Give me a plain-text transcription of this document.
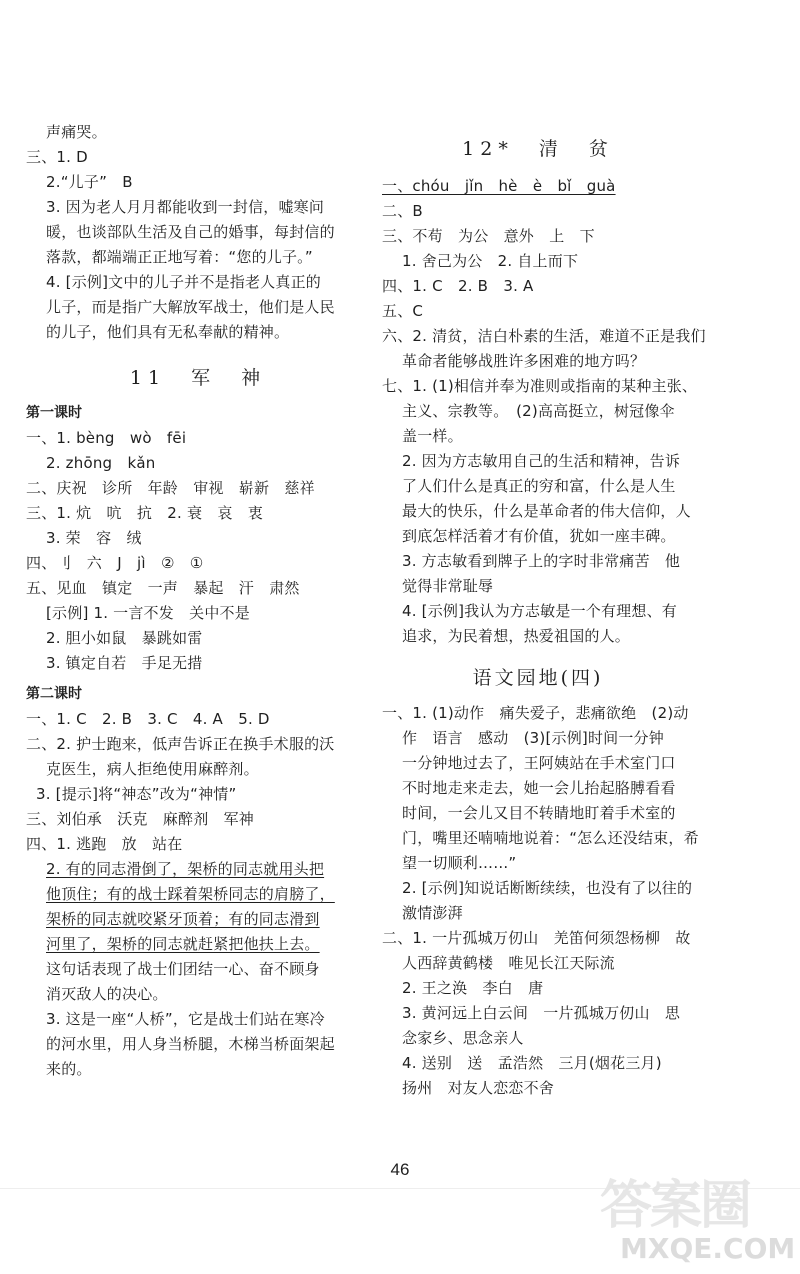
声痛哭。
三、1. D
2.“儿子”　B
3. 因为老人月月都能收到一封信，嘘寒问
暖，也谈部队生活及自己的婚事，每封信的
落款，都端端正正地写着：“您的儿子。”
4. [示例]文中的儿子并不是指老人真正的
儿子，而是指广大解放军战士，他们是人民
的儿子，他们具有无私奉献的精神。
11　军　神
第一课时
一、1. bèng　wò　fēi
2. zhōng　kǎn
二、庆祝　诊所　年龄　审视　崭新　慈祥
三、1. 炕　吭　抗　2. 衰　哀　衷
3. 荣　容　绒
四、刂　六　J　jì　②　①
五、见血　镇定　一声　暴起　汗　肃然
[示例] 1. 一言不发　关中不是
2. 胆小如鼠　暴跳如雷
3. 镇定自若　手足无措
第二课时
一、1. C　2. B　3. C　4. A　5. D
二、2. 护士跑来，低声告诉正在换手术服的沃
克医生，病人拒绝使用麻醉剂。
3. [提示]将“神态”改为“神情”
三、刘伯承　沃克　麻醉剂　军神
四、1. 逃跑　放　站在
2. 有的同志滑倒了，架桥的同志就用头把
他顶住；有的战士踩着架桥同志的肩膀了，
架桥的同志就咬紧牙顶着；有的同志滑到
河里了，架桥的同志就赶紧把他扶上去。
这句话表现了战士们团结一心、奋不顾身
消灭敌人的决心。
3. 这是一座“人桥”，它是战士们站在寒冷
的河水里，用人身当桥腿，木梯当桥面架起
来的。
12*　清　贫
一、chóu　jǐn　hè　è　bǐ　guà
二、B
三、不苟　为公　意外　上　下
1. 舍己为公　2. 自上而下
四、1. C　2. B　3. A
五、C
六、2. 清贫，洁白朴素的生活，难道不正是我们
革命者能够战胜许多困难的地方吗？
七、1. (1)相信并奉为准则或指南的某种主张、
主义、宗教等。　(2)高高挺立，树冠像伞
盖一样。
2. 因为方志敏用自己的生活和精神，告诉
了人们什么是真正的穷和富，什么是人生
最大的快乐，什么是革命者的伟大信仰，人
到底怎样活着才有价值，犹如一座丰碑。
3. 方志敏看到牌子上的字时非常痛苦　他
觉得非常耻辱
4. [示例]我认为方志敏是一个有理想、有
追求，为民着想，热爱祖国的人。
语文园地(四)
一、1. (1)动作　痛失爱子，悲痛欲绝　(2)动
作　语言　感动　(3)[示例]时间一分钟
一分钟地过去了，王阿姨站在手术室门口
不时地走来走去，她一会儿抬起胳膊看看
时间，一会儿又目不转睛地盯着手术室的
门，嘴里还喃喃地说着：“怎么还没结束，希
望一切顺利……”
2. [示例]知说话断断续续，也没有了以往的
激情澎湃
二、1. 一片孤城万仞山　羌笛何须怨杨柳　故
人西辞黄鹤楼　唯见长江天际流
2. 王之涣　李白　唐
3. 黄河远上白云间　一片孤城万仞山　思
念家乡、思念亲人
4. 送别　送　孟浩然　三月(烟花三月)
扬州　对友人恋恋不舍
46
答案圈
MXQE.COM
